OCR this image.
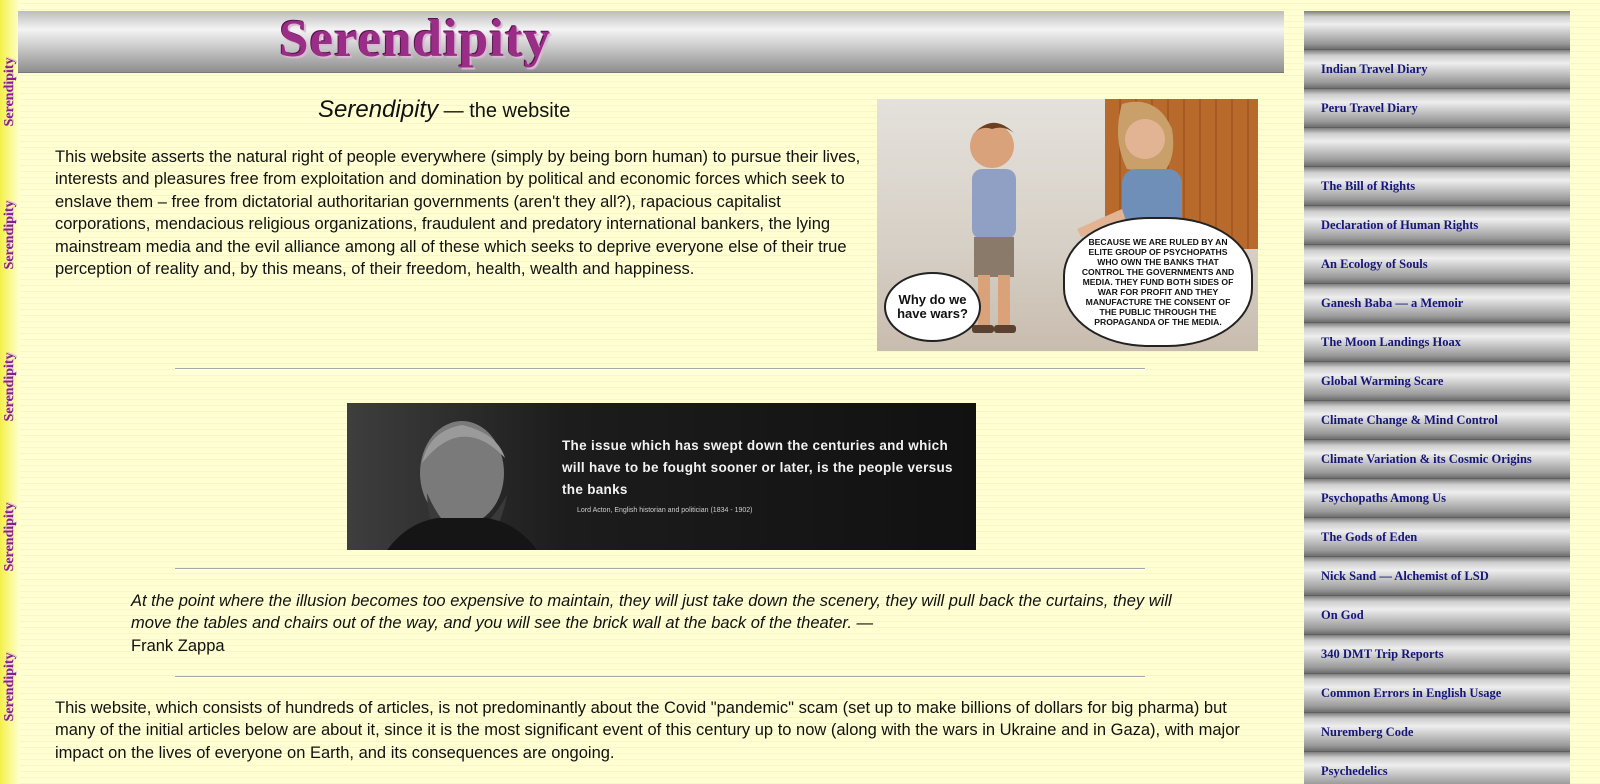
Serendipity
Serendipity
Serendipity
Serendipity
Serendipity
Serendipity
Serendipity — the website

This website asserts the natural right of people everywhere (simply by being born human) to pursue their lives, interests and pleasures free from exploitation and domination by political and economic forces which seek to enslave them – free from dictatorial authoritarian governments (aren't they all?), rapacious capitalist corporations, mendacious religious organizations, fraudulent and predatory international bankers, the lying mainstream media and the evil alliance among all of these which seeks to deprive everyone else of their true perception of reality and, by this means, of their freedom, health, wealth and happiness.

Why do we have wars?
BECAUSE WE ARE RULED BY AN ELITE GROUP OF PSYCHOPATHS WHO OWN THE BANKS THAT CONTROL THE GOVERNMENTS AND MEDIA. THEY FUND BOTH SIDES OF WAR FOR PROFIT AND THEY MANUFACTURE THE CONSENT OF THE PUBLIC THROUGH THE PROPAGANDA OF THE MEDIA.
The issue which has swept down the centuries and which will have to be fought sooner or later, is the people versus the banks
Lord Acton, English historian and politician (1834 - 1902)

At the point where the illusion becomes too expensive to maintain, they will just take down the scenery, they will pull back the curtains, they will move the tables and chairs out of the way, and you will see the brick wall at the back of the theater. —
Frank Zappa

This website, which consists of hundreds of articles, is not predominantly about the Covid "pandemic" scam (set up to make billions of dollars for big pharma) but many of the initial articles below are about it, since it is the most significant event of this century up to now (along with the wars in Ukraine and in Gaza), with major impact on the lives of everyone on Earth, and its consequences are ongoing.

Indian Travel Diary
Peru Travel Diary
The Bill of Rights
Declaration of Human Rights
An Ecology of Souls
Ganesh Baba — a Memoir
The Moon Landings Hoax
Global Warming Scare
Climate Change & Mind Control
Climate Variation & its Cosmic Origins
Psychopaths Among Us
The Gods of Eden
Nick Sand — Alchemist of LSD
On God
340 DMT Trip Reports
Common Errors in English Usage
Nuremberg Code
Psychedelics
